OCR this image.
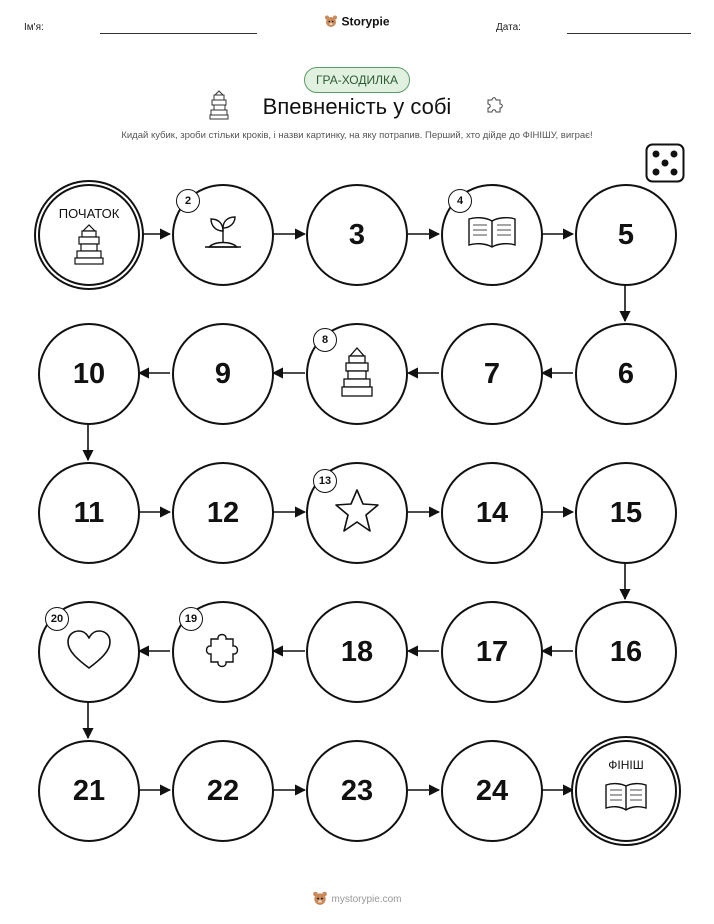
Ім'я:	Storypie	Дата:
ГРА-ХОДИЛКА
Впевненість у собі
Кидай кубик, зроби стільки кроків, і назви картинку, на яку потрапив. Перший, хто дійде до ФІНІШУ, виграє!
ПОЧАТОК
2
3
4
5
10	9
8
7	6
11	12
13
14	15
20	19
18	17	16
21	22	23	24
ФІНІШ
mystorypie.com
